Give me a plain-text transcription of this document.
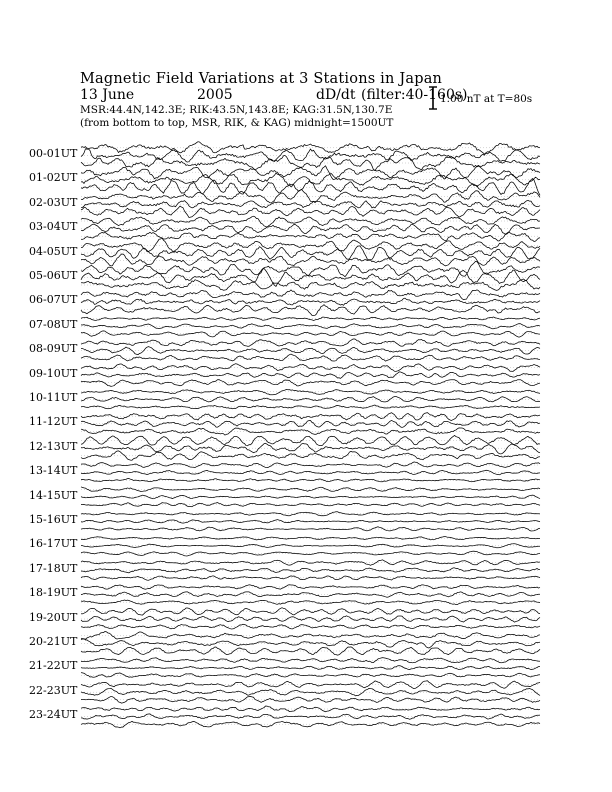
Magnetic Field Variations at 3 Stations in Japan
13 June	2005	dD/dt (filter:40-160s)
MSR:44.4N,142.3E; RIK:43.5N,143.8E; KAG:31.5N,130.7E
(from bottom to top, MSR, RIK, & KAG) midnight=1500UT
1.00 nT at T=80s
00-01UT
01-02UT
02-03UT
03-04UT
04-05UT
05-06UT
06-07UT
07-08UT
08-09UT
09-10UT
10-11UT
11-12UT
12-13UT
13-14UT
14-15UT
15-16UT
16-17UT
17-18UT
18-19UT
19-20UT
20-21UT
21-22UT
22-23UT
23-24UT
